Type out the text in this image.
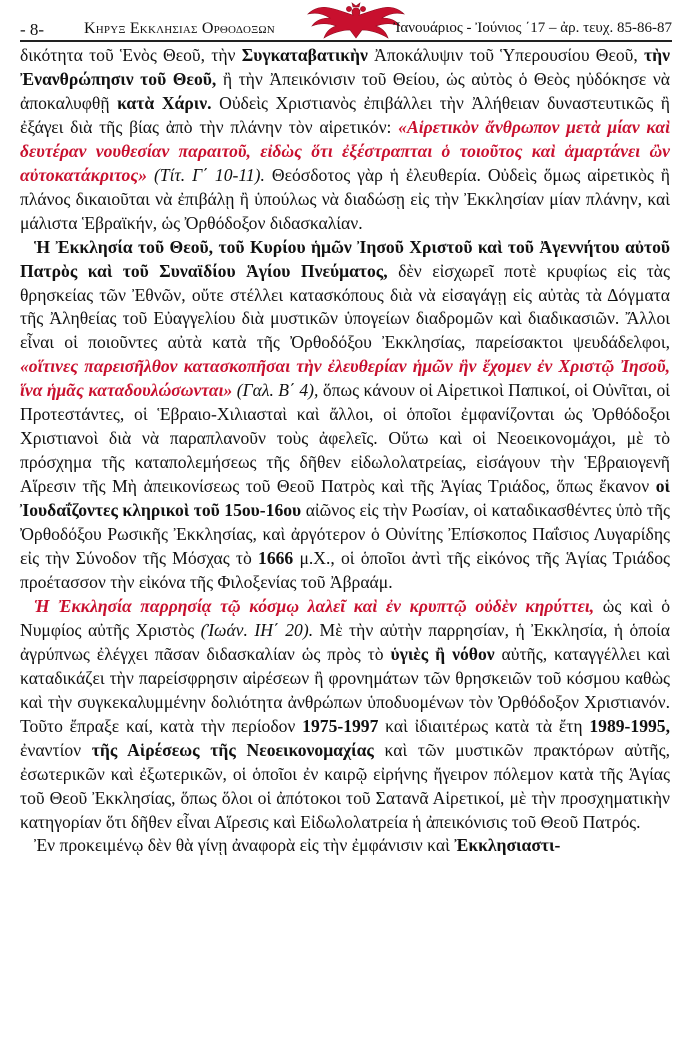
- 8- Κηρυξ Εκκλησιας Ορθοδοξων	Ἰανουάριος - Ἰούνιος ΄17 – ἀρ. τευχ. 85-86-87

δικότητα τοῦ Ἑνὸς Θεοῦ, τὴν Συγκαταβατικὴν Ἀποκάλυψιν τοῦ Ὑπερουσίου Θεοῦ, τὴν Ἐνανθρώπησιν τοῦ Θεοῦ, ἢ τὴν Ἀπεικόνισιν τοῦ Θείου, ὡς αὐτὸς ὁ Θεὸς ηὐδόκησε νὰ ἀποκαλυφθῇ κατὰ Χάριν. Οὐδεὶς Χριστιανὸς ἐπιβάλλει τὴν Ἀλήθειαν δυναστευτικῶς ἢ ἐξάγει διὰ τῆς βίας ἀπὸ τὴν πλάνην τὸν αἱρετικόν: «Αἱρετικὸν ἄνθρωπον μετὰ μίαν καὶ δευτέραν νουθεσίαν παραιτοῦ, εἰδὼς ὅτι ἐξέστραπται ὁ τοιοῦτος καὶ ἁμαρτάνει ὢν αὐτοκατάκριτος» (Τίτ. Γ΄ 10-11). Θεόσδοτος γὰρ ἡ ἐλευθερία. Οὐδεὶς ὅμως αἱρετικὸς ἢ πλάνος δικαιοῦται νὰ ἐπιβάλῃ ἢ ὑπούλως νὰ διαδώσῃ εἰς τὴν Ἐκκλησίαν μίαν πλάνην, καὶ μάλιστα Ἑβραϊκήν, ὡς Ὀρθόδοξον διδασκαλίαν.

Ἡ Ἐκκλησία τοῦ Θεοῦ, τοῦ Κυρίου ἡμῶν Ἰησοῦ Χριστοῦ καὶ τοῦ Ἀγεννήτου αὐτοῦ Πατρὸς καὶ τοῦ Συναϊδίου Ἁγίου Πνεύματος, δὲν εἰσχωρεῖ ποτὲ κρυφίως εἰς τὰς θρησκείας τῶν Ἐθνῶν, οὔτε στέλλει κατασκόπους διὰ νὰ εἰσαγάγῃ εἰς αὐτὰς τὰ Δόγματα τῆς Ἀληθείας τοῦ Εὐαγγελίου διὰ μυστικῶν ὑπογείων διαδρομῶν καὶ διαδικασιῶν. Ἄλλοι εἶναι οἱ ποιοῦντες αὐτὰ κατὰ τῆς Ὀρθοδόξου Ἐκκλησίας, παρείσακτοι ψευδάδελφοι, «οἵτινες παρεισῆλθον κατασκοπῆσαι τὴν ἐλευθερίαν ἡμῶν ἣν ἔχομεν ἐν Χριστῷ Ἰησοῦ, ἵνα ἡμᾶς καταδουλώσωνται» (Γαλ. Β΄ 4), ὅπως κάνουν οἱ Αἱρετικοὶ Παπικοί, οἱ Οὐνῖται, οἱ Προτεστάντες, οἱ Ἑβραιο-Χιλιασταὶ καὶ ἄλλοι, οἱ ὁποῖοι ἐμφανίζονται ὡς Ὀρθόδοξοι Χριστιανοὶ διὰ νὰ παραπλανοῦν τοὺς ἀφελεῖς. Οὕτω καὶ οἱ Νεοεικονομάχοι, μὲ τὸ πρόσχημα τῆς καταπολεμήσεως τῆς δῆθεν εἰδωλολατρείας, εἰσάγουν τὴν Ἑβραιογενῆ Αἵρεσιν τῆς Μὴ ἀπεικονίσεως τοῦ Θεοῦ Πατρὸς καὶ τῆς Ἁγίας Τριάδος, ὅπως ἔκανον οἱ Ἰουδαΐζοντες κληρικοὶ τοῦ 15ου-16ου αἰῶνος εἰς τὴν Ρωσίαν, οἱ καταδικασθέντες ὑπὸ τῆς Ὀρθοδόξου Ρωσικῆς Ἐκκλησίας, καὶ ἀργότερον ὁ Οὐνίτης Ἐπίσκοπος Παΐσιος Λυγαρίδης εἰς τὴν Σύνοδον τῆς Μόσχας τὸ 1666 μ.Χ., οἱ ὁποῖοι ἀντὶ τῆς εἰκόνος τῆς Ἁγίας Τριάδος προέτασσον τὴν εἰκόνα τῆς Φιλοξενίας τοῦ Ἀβραάμ.

Ἡ Ἐκκλησία παρρησίᾳ τῷ κόσμῳ λαλεῖ καὶ ἐν κρυπτῷ οὐδὲν κηρύττει, ὡς καὶ ὁ Νυμφίος αὐτῆς Χριστὸς (Ἰωάν. ΙΗ΄ 20). Μὲ τὴν αὐτὴν παρρησίαν, ἡ Ἐκκλησία, ἡ ὁποία ἀγρύπνως ἐλέγχει πᾶσαν διδασκαλίαν ὡς πρὸς τὸ ὑγιὲς ἢ νόθον αὐτῆς, καταγγέλλει καὶ καταδικάζει τὴν παρείσφρησιν αἱρέσεων ἢ φρονημάτων τῶν θρησκειῶν τοῦ κόσμου καθὼς καὶ τὴν συγκεκαλυμμένην δολιότητα ἀνθρώπων ὑποδυομένων τὸν Ὀρθόδοξον Χριστιανόν. Τοῦτο ἔπραξε καί, κατὰ τὴν περίοδον 1975-1997 καὶ ἰδιαιτέρως κατὰ τὰ ἔτη 1989-1995, ἐναντίον τῆς Αἱρέσεως τῆς Νεοεικονομαχίας καὶ τῶν μυστικῶν πρακτόρων αὐτῆς, ἐσωτερικῶν καὶ ἐξωτερικῶν, οἱ ὁποῖοι ἐν καιρῷ εἰρήνης ἤγειρον πόλεμον κατὰ τῆς Ἁγίας τοῦ Θεοῦ Ἐκκλησίας, ὅπως ὅλοι οἱ ἀπότοκοι τοῦ Σατανᾶ Αἱρετικοί, μὲ τὴν προσχηματικὴν κατηγορίαν ὅτι δῆθεν εἶναι Αἵρεσις καὶ Εἰδωλολατρεία ἡ ἀπεικόνισις τοῦ Θεοῦ Πατρός.

Ἐν προκειμένῳ δὲν θὰ γίνῃ ἀναφορὰ εἰς τὴν ἐμφάνισιν καὶ Ἐκκλησιαστι-
